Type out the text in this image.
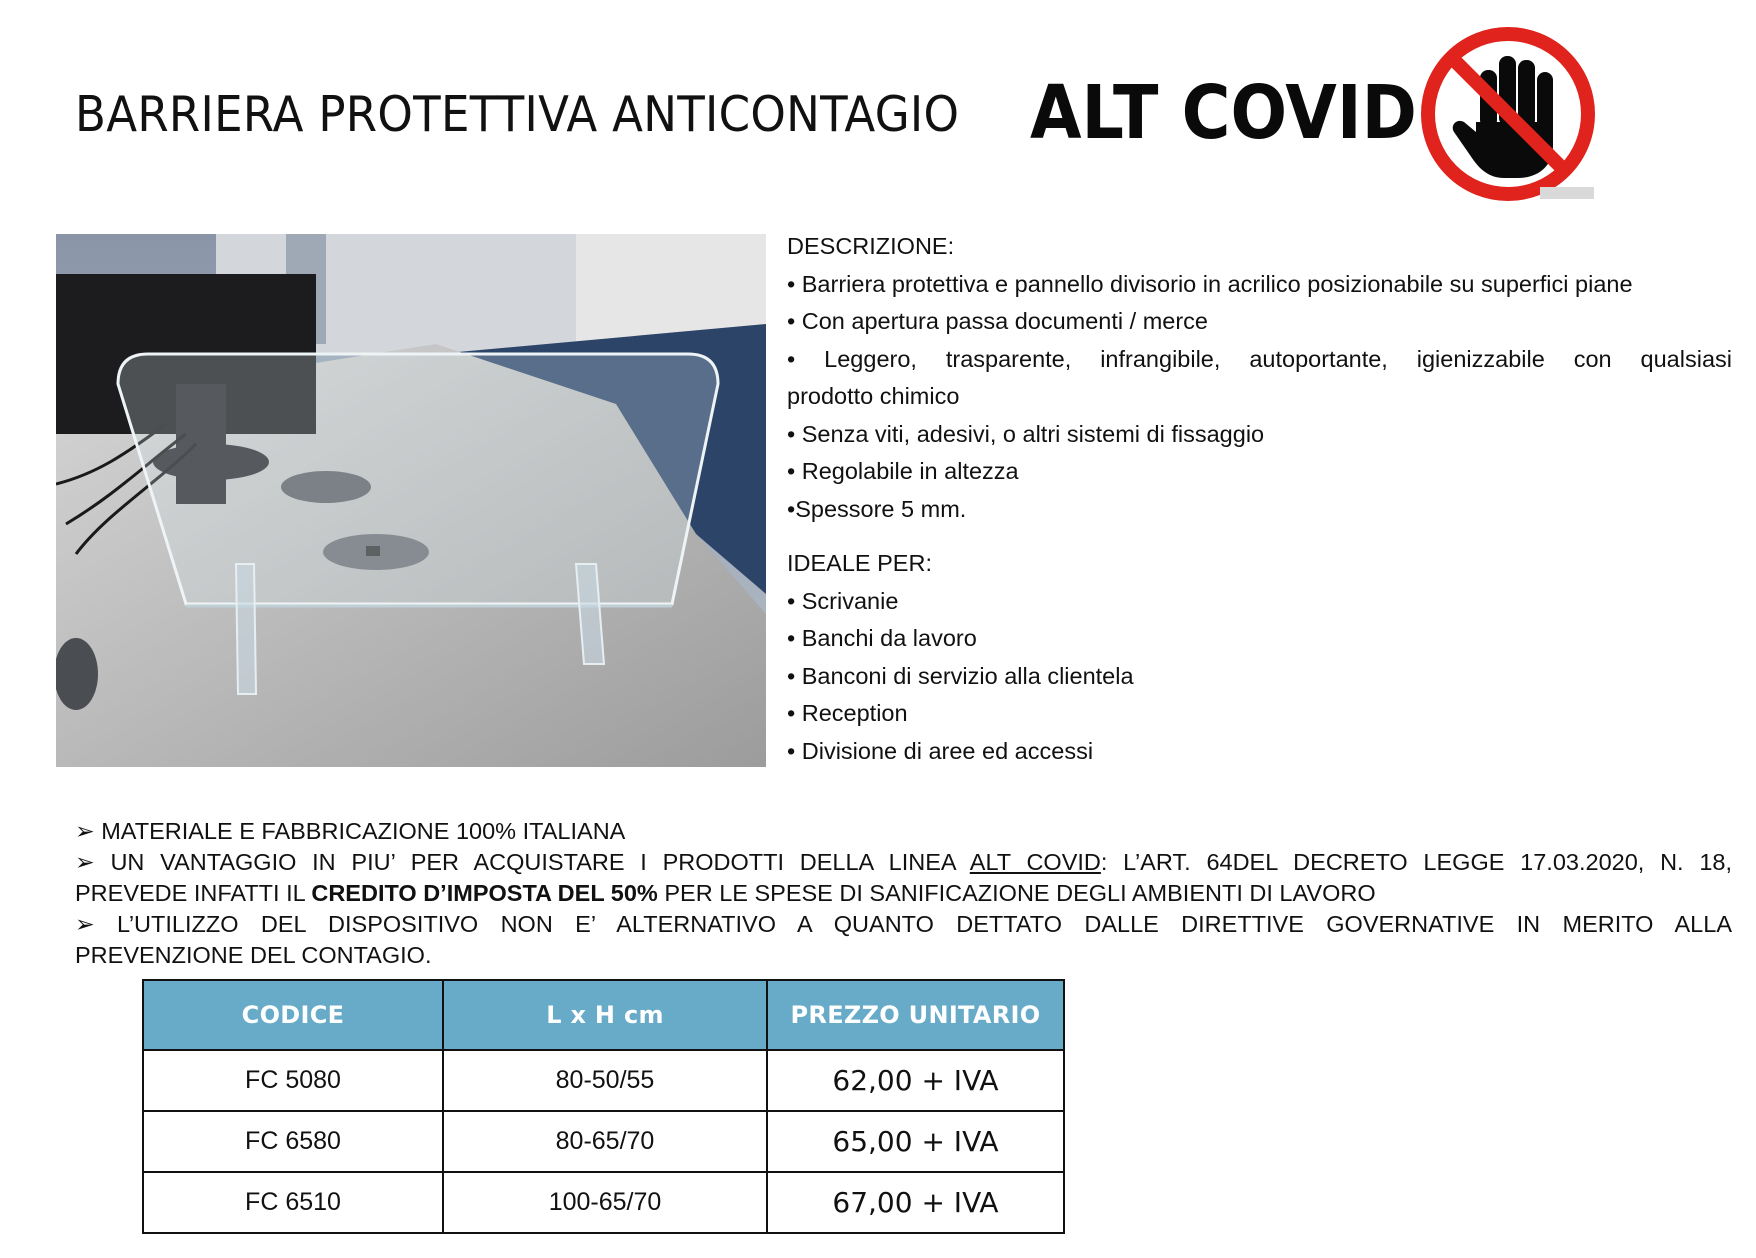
BARRIERA PROTETTIVA ANTICONTAGIO ALT COVID

DESCRIZIONE:

• Barriera protettiva e pannello divisorio in acrilico posizionabile su superfici piane

• Con apertura passa documenti / merce

• Leggero, trasparente, infrangibile, autoportante, igienizzabile con qualsiasi

prodotto chimico

• Senza viti, adesivi, o altri sistemi di fissaggio

• Regolabile in altezza

•Spessore 5 mm.

IDEALE PER:

• Scrivanie

• Banchi da lavoro

• Banconi di servizio alla clientela

• Reception

• Divisione di aree ed accessi

➢ MATERIALE E FABBRICAZIONE 100% ITALIANA

➢ UN VANTAGGIO IN PIU’ PER ACQUISTARE I PRODOTTI DELLA LINEA ALT COVID: L’ART. 64DEL DECRETO LEGGE 17.03.2020, N. 18,

PREVEDE INFATTI IL CREDITO D’IMPOSTA DEL 50% PER LE SPESE DI SANIFICAZIONE DEGLI AMBIENTI DI LAVORO

➢ L’UTILIZZO DEL DISPOSITIVO NON E’ ALTERNATIVO A QUANTO DETTATO DALLE DIRETTIVE GOVERNATIVE IN MERITO ALLA

PREVENZIONE DEL CONTAGIO.

CODICE	L x H cm	PREZZO UNITARIO
FC 5080	80-50/55	62,00 + IVA
FC 6580	80-65/70	65,00 + IVA
FC 6510	100-65/70	67,00 + IVA
